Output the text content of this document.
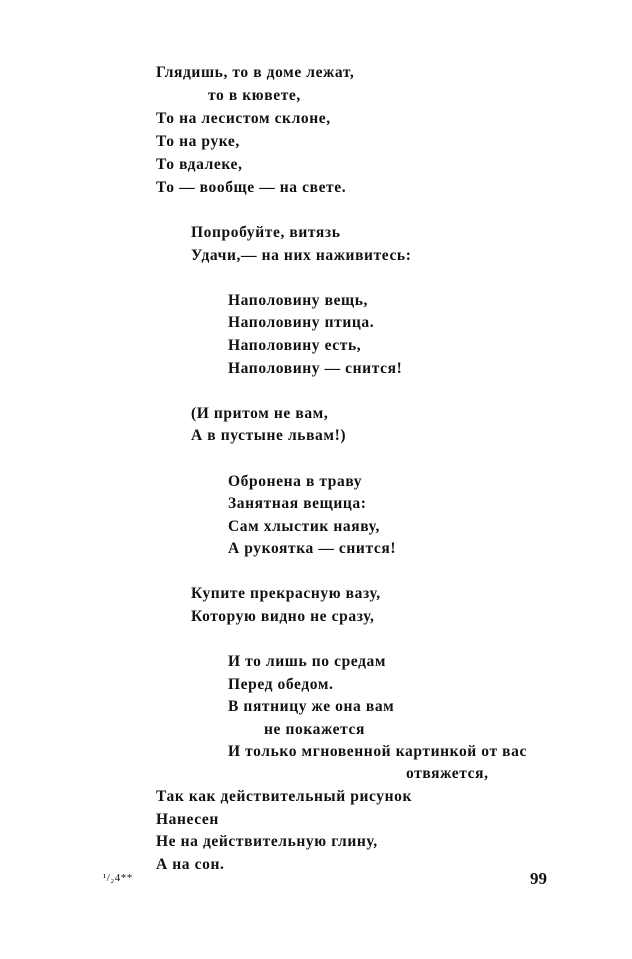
Глядишь, то в доме лежат,
то в кювете,
То на лесистом склоне,
То на руке,
То вдалеке,
То — вообще — на свете.
Попробуйте, витязь
Удачи,— на них наживитесь:
Наполовину вещь,
Наполовину птица.
Наполовину есть,
Наполовину — снится!
(И притом не вам,
А в пустыне львам!)
Обронена в траву
Занятная вещица:
Сам хлыстик наяву,
А рукоятка — снится!
Купите прекрасную вазу,
Которую видно не сразу,
И то лишь по средам
Перед обедом.
В пятницу же она вам
не покажется
И только мгновенной картинкой от вас
отвяжется,
Так как действительный рисунок
Нанесен
Не на действительную глину,
А на сон.
¹/₂4**	99
